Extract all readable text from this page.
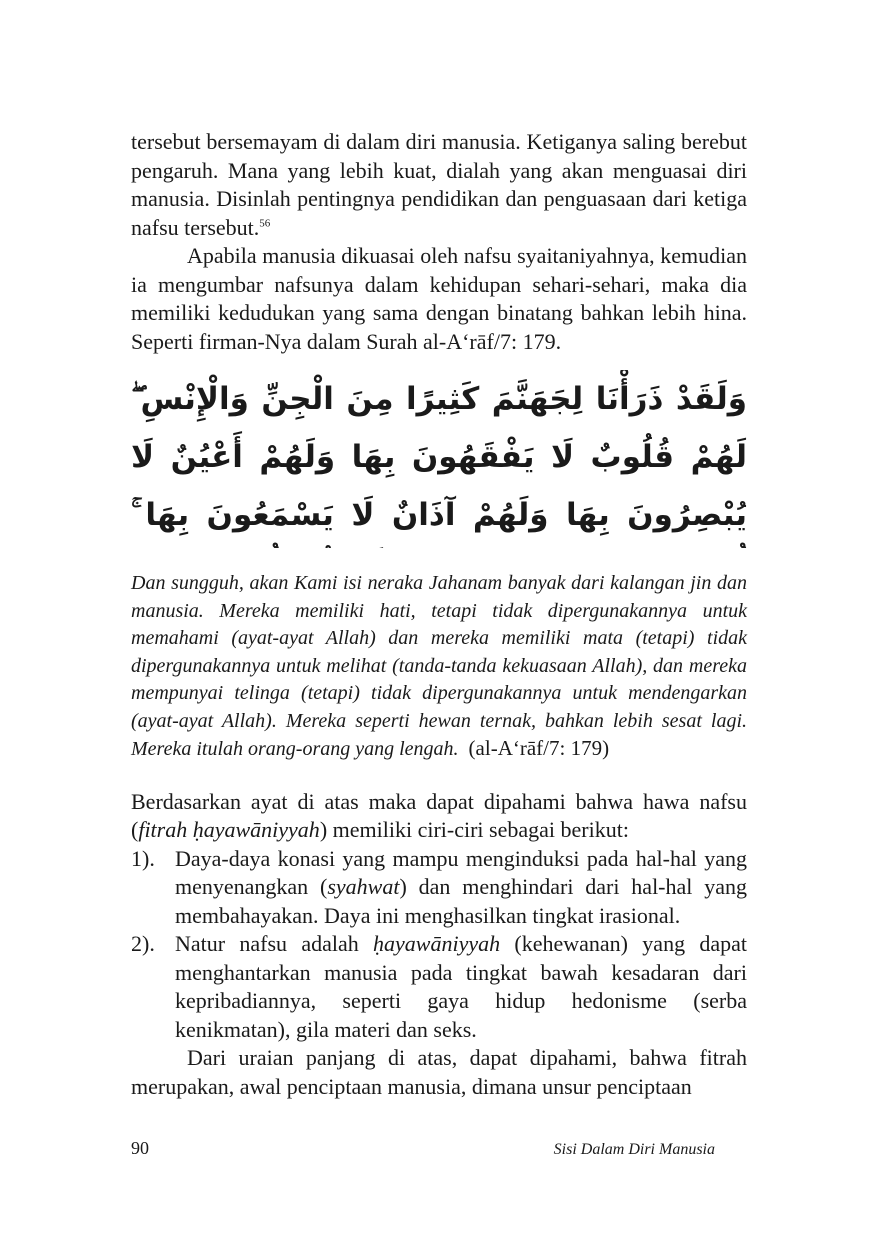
tersebut bersemayam di dalam diri manusia. Ketiganya saling berebut pengaruh. Mana yang lebih kuat, dialah yang akan menguasai diri manusia. Disinlah pentingnya pendidikan dan penguasaan dari ketiga nafsu tersebut.$^{56}$

Apabila manusia dikuasai oleh nafsu syaitaniyahnya, kemudian ia mengumbar nafsunya dalam kehidupan sehari-sehari, maka dia memiliki kedudukan yang sama dengan binatang bahkan lebih hina. Seperti firman-Nya dalam Surah al-A‘rāf/7: 179.

وَلَقَدْ ذَرَأْنَا لِجَهَنَّمَ كَثِيرًا مِنَ الْجِنِّ وَالْإِنْسِ ۖ لَهُمْ قُلُوبٌ لَا يَفْقَهُونَ بِهَا وَلَهُمْ أَعْيُنٌ لَا يُبْصِرُونَ بِهَا وَلَهُمْ آذَانٌ لَا يَسْمَعُونَ بِهَا ۚ

Dan sungguh, akan Kami isi neraka Jahanam banyak dari kalangan jin dan manusia. Mereka memiliki hati, tetapi tidak dipergunakannya untuk memahami (ayat-ayat Allah) dan mereka memiliki mata (tetapi) tidak dipergunakannya untuk melihat (tanda-tanda kekuasaan Allah), dan mereka mempunyai telinga (tetapi) tidak dipergunakannya untuk mendengarkan (ayat-ayat Allah). Mereka seperti hewan ternak, bahkan lebih sesat lagi. Mereka itulah orang-orang yang lengah. (al-A‘rāf/7: 179)

Berdasarkan ayat di atas maka dapat dipahami bahwa hawa nafsu (fitrah ḥayawāniyyah) memiliki ciri-ciri sebagai berikut:

1). Daya-daya konasi yang mampu menginduksi pada hal-hal yang menyenangkan (syahwat) dan menghindari dari hal-hal yang membahayakan. Daya ini menghasilkan tingkat irasional.
2). Natur nafsu adalah ḥayawāniyyah (kehewanan) yang dapat menghantarkan manusia pada tingkat bawah kesadaran dari kepribadiannya, seperti gaya hidup hedonisme (serba kenikmatan), gila materi dan seks.

Dari uraian panjang di atas, dapat dipahami, bahwa fitrah merupakan, awal penciptaan manusia, dimana unsur penciptaan

90	Sisi Dalam Diri Manusia
